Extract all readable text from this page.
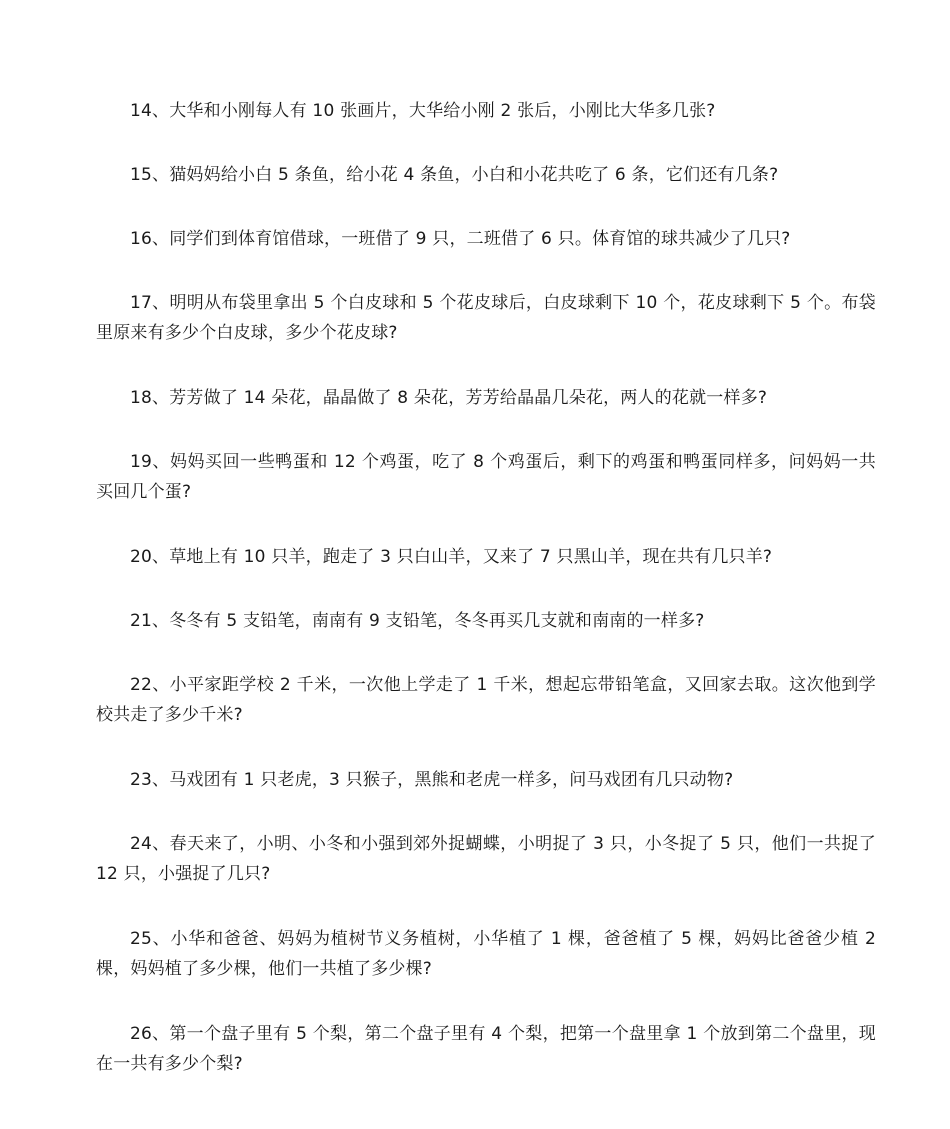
14、大华和小刚每人有 10 张画片，大华给小刚 2 张后，小刚比大华多几张?

15、猫妈妈给小白 5 条鱼，给小花 4 条鱼，小白和小花共吃了 6 条，它们还有几条?

16、同学们到体育馆借球，一班借了 9 只，二班借了 6 只。体育馆的球共减少了几只?

17、明明从布袋里拿出 5 个白皮球和 5 个花皮球后，白皮球剩下 10 个，花皮球剩下 5 个。布袋里原来有多少个白皮球，多少个花皮球?

18、芳芳做了 14 朵花，晶晶做了 8 朵花，芳芳给晶晶几朵花，两人的花就一样多?

19、妈妈买回一些鸭蛋和 12 个鸡蛋，吃了 8 个鸡蛋后，剩下的鸡蛋和鸭蛋同样多，问妈妈一共买回几个蛋?

20、草地上有 10 只羊，跑走了 3 只白山羊，又来了 7 只黑山羊，现在共有几只羊?

21、冬冬有 5 支铅笔，南南有 9 支铅笔，冬冬再买几支就和南南的一样多?

22、小平家距学校 2 千米，一次他上学走了 1 千米，想起忘带铅笔盒，又回家去取。这次他到学校共走了多少千米?

23、马戏团有 1 只老虎，3 只猴子，黑熊和老虎一样多，问马戏团有几只动物?

24、春天来了，小明、小冬和小强到郊外捉蝴蝶，小明捉了 3 只，小冬捉了 5 只，他们一共捉了 12 只，小强捉了几只?

25、小华和爸爸、妈妈为植树节义务植树，小华植了 1 棵，爸爸植了 5 棵，妈妈比爸爸少植 2 棵，妈妈植了多少棵，他们一共植了多少棵?

26、第一个盘子里有 5 个梨，第二个盘子里有 4 个梨，把第一个盘里拿 1 个放到第二个盘里，现在一共有多少个梨?
